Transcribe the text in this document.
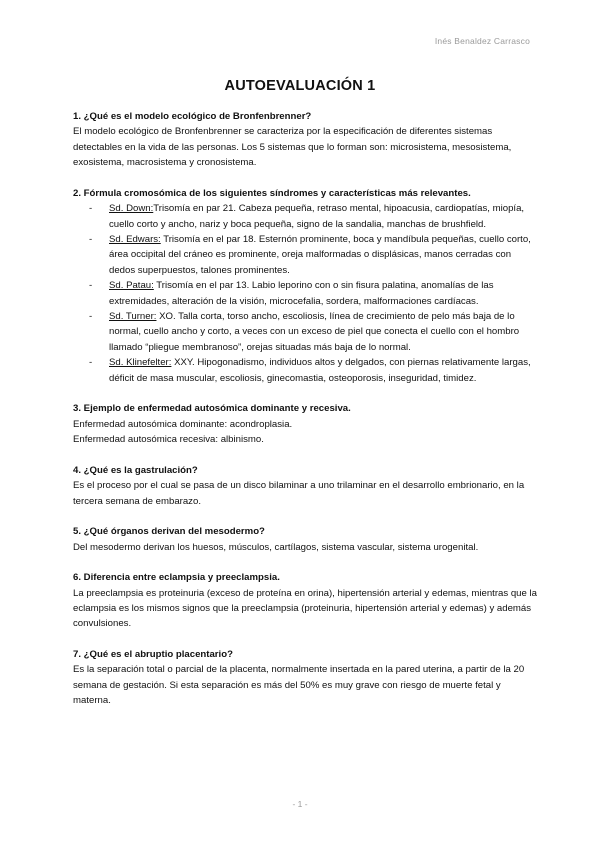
Inés Benaldez Carrasco
AUTOEVALUACIÓN 1

1. ¿Qué es el modelo ecológico de Bronfenbrenner?

El modelo ecológico de Bronfenbrenner se caracteriza por la especificación de diferentes sistemas detectables en la vida de las personas. Los 5 sistemas que lo forman son: microsistema, mesosistema, exosistema, macrosistema y cronosistema.

2. Fórmula cromosómica de los siguientes síndromes y características más relevantes.

- Sd. Down:Trisomía en par 21. Cabeza pequeña, retraso mental, hipoacusia, cardiopatías, miopía, cuello corto y ancho, nariz y boca pequeña, signo de la sandalia, manchas de brushfield.
- Sd. Edwars: Trisomía en el par 18. Esternón prominente, boca y mandíbula pequeñas, cuello corto, área occipital del cráneo es prominente, oreja malformadas o displásicas, manos cerradas con dedos superpuestos, talones prominentes.
- Sd. Patau: Trisomía en el par 13. Labio leporino con o sin fisura palatina, anomalías de las extremidades, alteración de la visión, microcefalia, sordera, malformaciones cardíacas.
- Sd. Turner: XO. Talla corta, torso ancho, escoliosis, línea de crecimiento de pelo más baja de lo normal, cuello ancho y corto, a veces con un exceso de piel que conecta el cuello con el hombro llamado “pliegue membranoso”, orejas situadas más baja de lo normal.
- Sd. Klinefelter: XXY. Hipogonadismo, individuos altos y delgados, con piernas relativamente largas, déficit de masa muscular, escoliosis, ginecomastia, osteoporosis, inseguridad, timidez.

3. Ejemplo de enfermedad autosómica dominante y recesiva.

Enfermedad autosómica dominante: acondroplasia.

Enfermedad autosómica recesiva: albinismo.

4. ¿Qué es la gastrulación?

Es el proceso por el cual se pasa de un disco bilaminar a uno trilaminar en el desarrollo embrionario, en la tercera semana de embarazo.

5. ¿Qué órganos derivan del mesodermo?

Del mesodermo derivan los huesos, músculos, cartílagos, sistema vascular, sistema urogenital.

6. Diferencia entre eclampsia y preeclampsia.

La preeclampsia es proteinuria (exceso de proteína en orina), hipertensión arterial y edemas, mientras que la eclampsia es los mismos signos que la preeclampsia (proteinuria, hipertensión arterial y edemas) y además convulsiones.

7. ¿Qué es el abruptio placentario?

Es la separación total o parcial de la placenta, normalmente insertada en la pared uterina, a partir de la 20 semana de gestación. Si esta separación es más del 50% es muy grave con riesgo de muerte fetal y materna.

- 1 -
